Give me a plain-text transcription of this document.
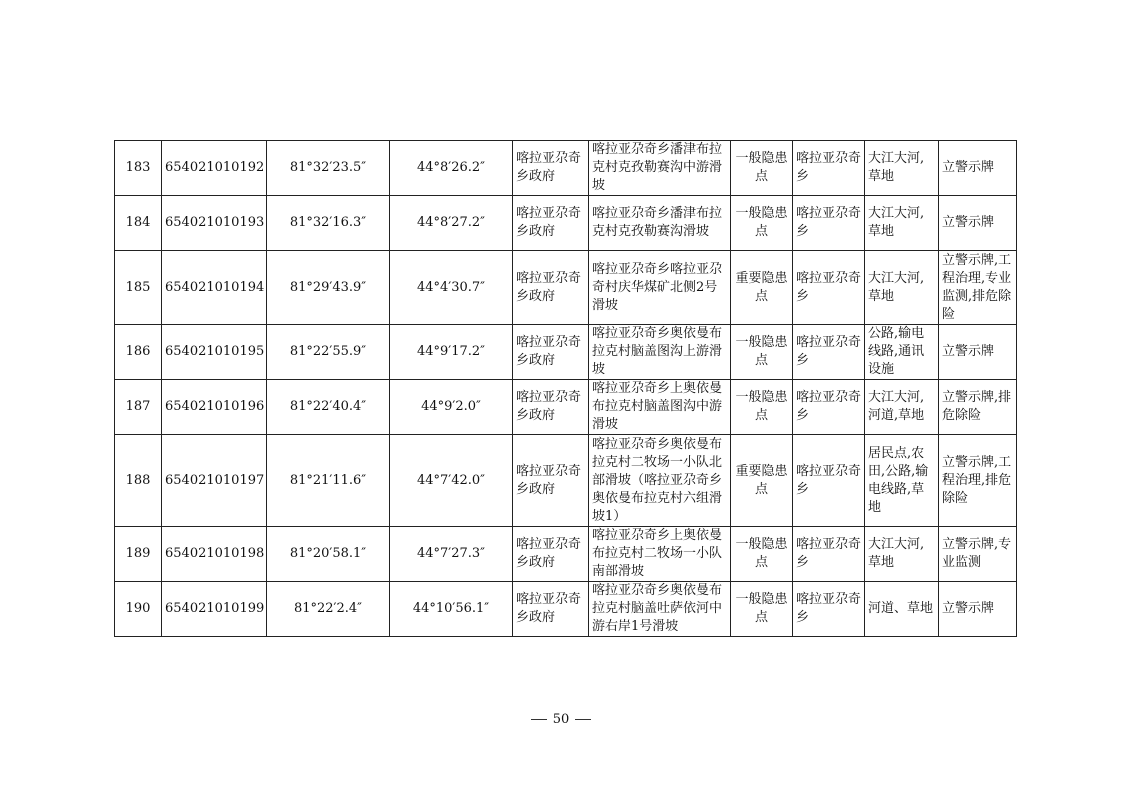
183	654021010192	81°32′23.5″	44°8′26.2″	喀拉亚尕奇乡政府	喀拉亚尕奇乡潘津布拉克村克孜勒赛沟中游滑坡	一般隐患点	喀拉亚尕奇乡	大江大河,草地	立警示牌
184	654021010193	81°32′16.3″	44°8′27.2″	喀拉亚尕奇乡政府	喀拉亚尕奇乡潘津布拉克村克孜勒赛沟滑坡	一般隐患点	喀拉亚尕奇乡	大江大河,草地	立警示牌
185	654021010194	81°29′43.9″	44°4′30.7″	喀拉亚尕奇乡政府	喀拉亚尕奇乡喀拉亚尕奇村庆华煤矿北侧2号滑坡	重要隐患点	喀拉亚尕奇乡	大江大河,草地	立警示牌,工程治理,专业监测,排危除险
186	654021010195	81°22′55.9″	44°9′17.2″	喀拉亚尕奇乡政府	喀拉亚尕奇乡奥依曼布拉克村脑盖图沟上游滑坡	一般隐患点	喀拉亚尕奇乡	公路,输电线路,通讯设施	立警示牌
187	654021010196	81°22′40.4″	44°9′2.0″	喀拉亚尕奇乡政府	喀拉亚尕奇乡上奥依曼布拉克村脑盖图沟中游滑坡	一般隐患点	喀拉亚尕奇乡	大江大河,河道,草地	立警示牌,排危除险
188	654021010197	81°21′11.6″	44°7′42.0″	喀拉亚尕奇乡政府	喀拉亚尕奇乡奥依曼布拉克村二牧场一小队北部滑坡（喀拉亚尕奇乡奥依曼布拉克村六组滑坡1）	重要隐患点	喀拉亚尕奇乡	居民点,农田,公路,输电线路,草地	立警示牌,工程治理,排危除险
189	654021010198	81°20′58.1″	44°7′27.3″	喀拉亚尕奇乡政府	喀拉亚尕奇乡上奥依曼布拉克村二牧场一小队南部滑坡	一般隐患点	喀拉亚尕奇乡	大江大河,草地	立警示牌,专业监测
190	654021010199	81°22′2.4″	44°10′56.1″	喀拉亚尕奇乡政府	喀拉亚尕奇乡奥依曼布拉克村脑盖吐萨依河中游右岸1号滑坡	一般隐患点	喀拉亚尕奇乡	河道、草地	立警示牌
50
